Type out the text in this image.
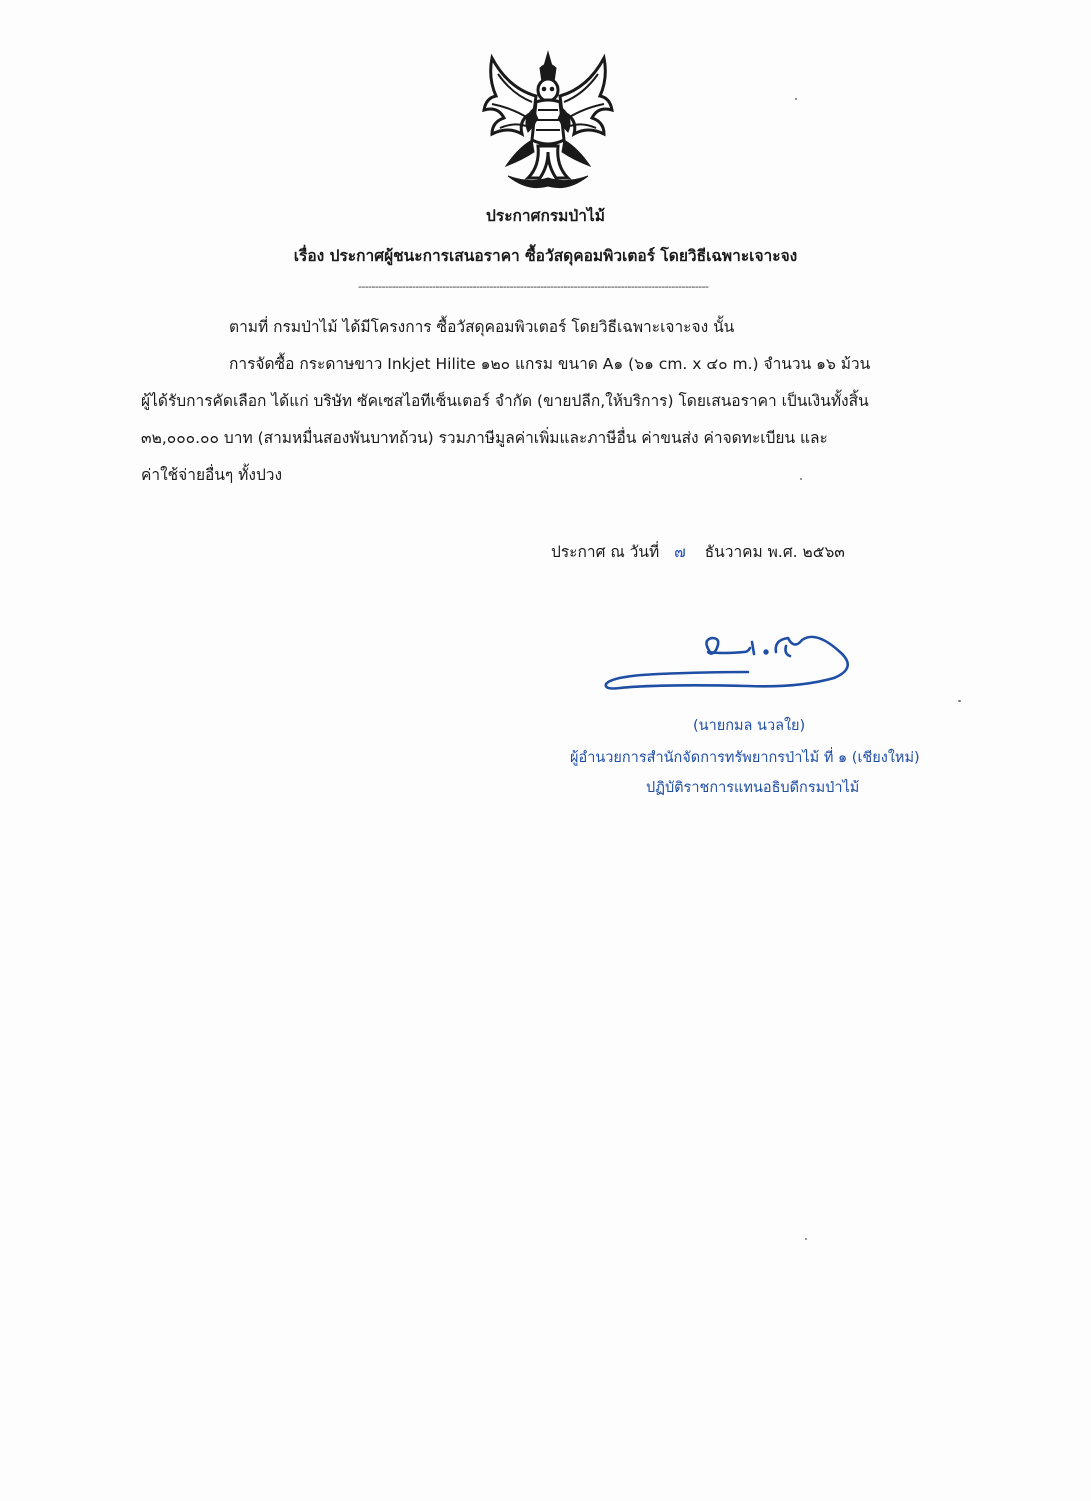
ประกาศกรมป่าไม้
เรื่อง ประกาศผู้ชนะการเสนอราคา ซื้อวัสดุคอมพิวเตอร์ โดยวิธีเฉพาะเจาะจง
--------------------------------------------------------------------------------------------------------
ตามที่ กรมป่าไม้ ได้มีโครงการ ซื้อวัสดุคอมพิวเตอร์ โดยวิธีเฉพาะเจาะจง นั้น
การจัดซื้อ กระดาษขาว Inkjet Hilite ๑๒๐ แกรม ขนาด A๑ (๖๑ cm. x ๔๐ m.) จำนวน ๑๖ ม้วน
ผู้ได้รับการคัดเลือก ได้แก่ บริษัท ซัคเซสไอทีเซ็นเตอร์ จำกัด (ขายปลีก,ให้บริการ) โดยเสนอราคา เป็นเงินทั้งสิ้น
๓๒,๐๐๐.๐๐ บาท (สามหมื่นสองพันบาทถ้วน) รวมภาษีมูลค่าเพิ่มและภาษีอื่น ค่าขนส่ง ค่าจดทะเบียน และ
ค่าใช้จ่ายอื่นๆ ทั้งปวง
ประกาศ ณ วันที่ ๗ ธันวาคม พ.ศ. ๒๕๖๓
(นายกมล นวลใย)
ผู้อำนวยการสำนักจัดการทรัพยากรป่าไม้ ที่ ๑ (เชียงใหม่)
ปฏิบัติราชการแทนอธิบดีกรมป่าไม้
